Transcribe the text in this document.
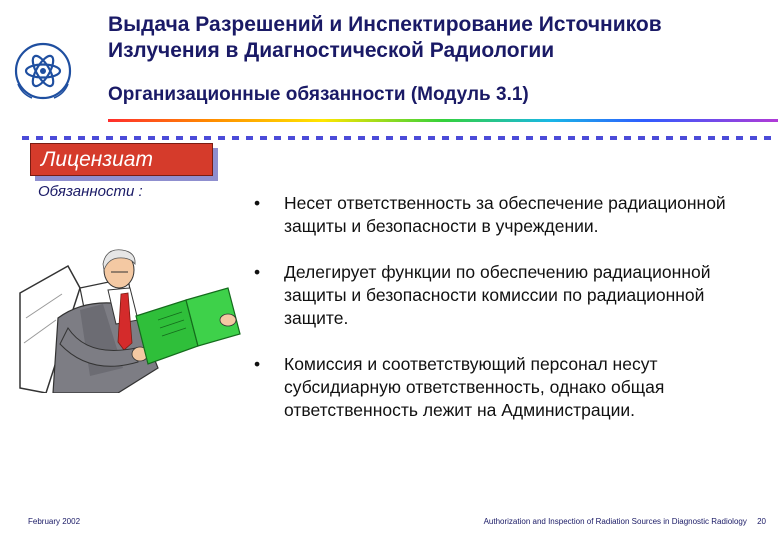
Выдача Разрешений и Инспектирование Источников
Излучения в Диагностической Радиологии
Организационные обязанности (Модуль 3.1)
Лицензиат
Обязанности :
• Несет ответственность за обеспечение радиационной защиты и безопасности в учреждении.
• Делегирует функции по обеспечению радиационной защиты и безопасности комиссии по радиационной защите.
• Комиссия и соответствующий персонал несут субсидиарную ответственность, однако общая ответственность лежит на Администрации.
February 2002	Authorization and Inspection of Radiation Sources in Diagnostic Radiology 20
